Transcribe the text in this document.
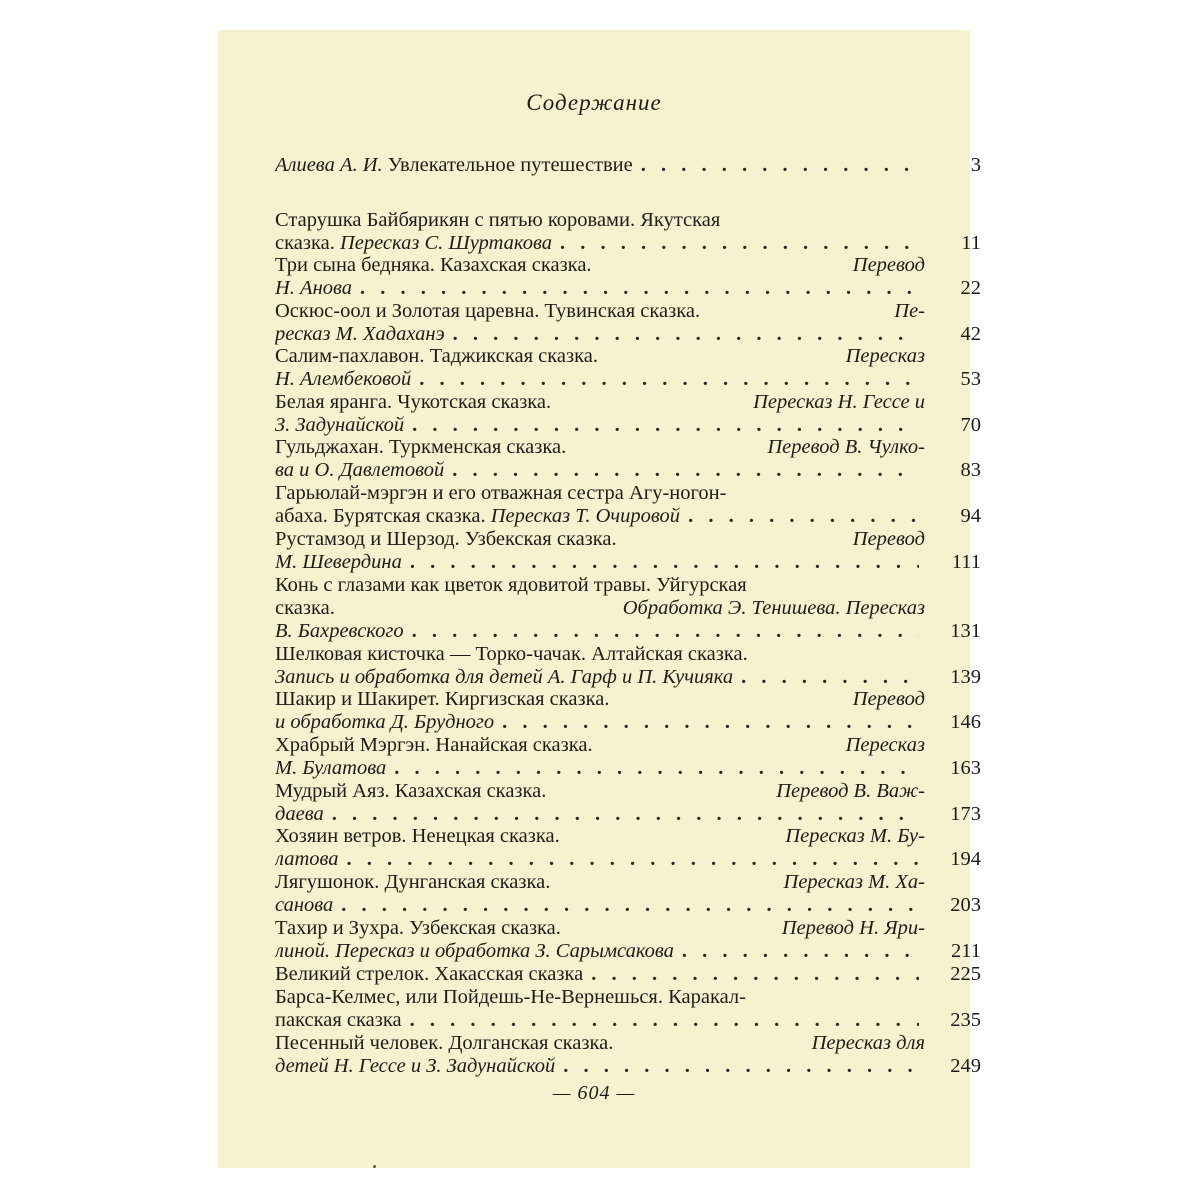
Содержание
Алиева А. И. Увлекательное путешествие . . .	3
Старушка Байбярикян с пятью коровами. Якутская
сказка. Пересказ С. Шуртакова . . .	11
Три сына бедняка. Казахская сказка.	Перевод
Н. Анова . . .	22
Оскюс-оол и Золотая царевна. Тувинская сказка.	Пе-
ресказ М. Хадаханэ . . .	42
Салим-пахлавон. Таджикская сказка.	Пересказ
Н. Алембековой . . .	53
Белая яранга. Чукотская сказка.	Пересказ Н. Гессе и
З. Задунайской . . .	70
Гульджахан. Туркменская сказка.	Перевод В. Чулко-
ва и О. Давлетовой . . .	83
Гарьюлай-мэргэн и его отважная сестра Агу-ногон-
абаха. Бурятская сказка. Пересказ Т. Очировой . . .	94
Рустамзод и Шерзод. Узбекская сказка.	Перевод
М. Шевердина . . .	111
Конь с глазами как цветок ядовитой травы. Уйгурская
сказка.	Обработка Э. Тенишева. Пересказ
В. Бахревского . . .	131
Шелковая кисточка — Торко-чачак. Алтайская сказка.
Запись и обработка для детей А. Гарф и П. Кучияка . . .	139
Шакир и Шакирет. Киргизская сказка.	Перевод
и обработка Д. Брудного . . .	146
Храбрый Мэргэн. Нанайская сказка.	Пересказ
М. Булатова . . .	163
Мудрый Аяз. Казахская сказка.	Перевод В. Важ-
даева . . .	173
Хозяин ветров. Ненецкая сказка.	Пересказ М. Бу-
латова . . .	194
Лягушонок. Дунганская сказка.	Пересказ М. Ха-
санова . . .	203
Тахир и Зухра. Узбекская сказка.	Перевод Н. Яри-
линой. Пересказ и обработка З. Сарымсакова . . .	211
Великий стрелок. Хакасская сказка . . .	225
Барса-Келмес, или Пойдешь-Не-Вернешься. Каракал-
пакская сказка . . .	235
Песенный человек. Долганская сказка.	Пересказ для
детей Н. Гессе и З. Задунайской . . .	249
— 604 —
